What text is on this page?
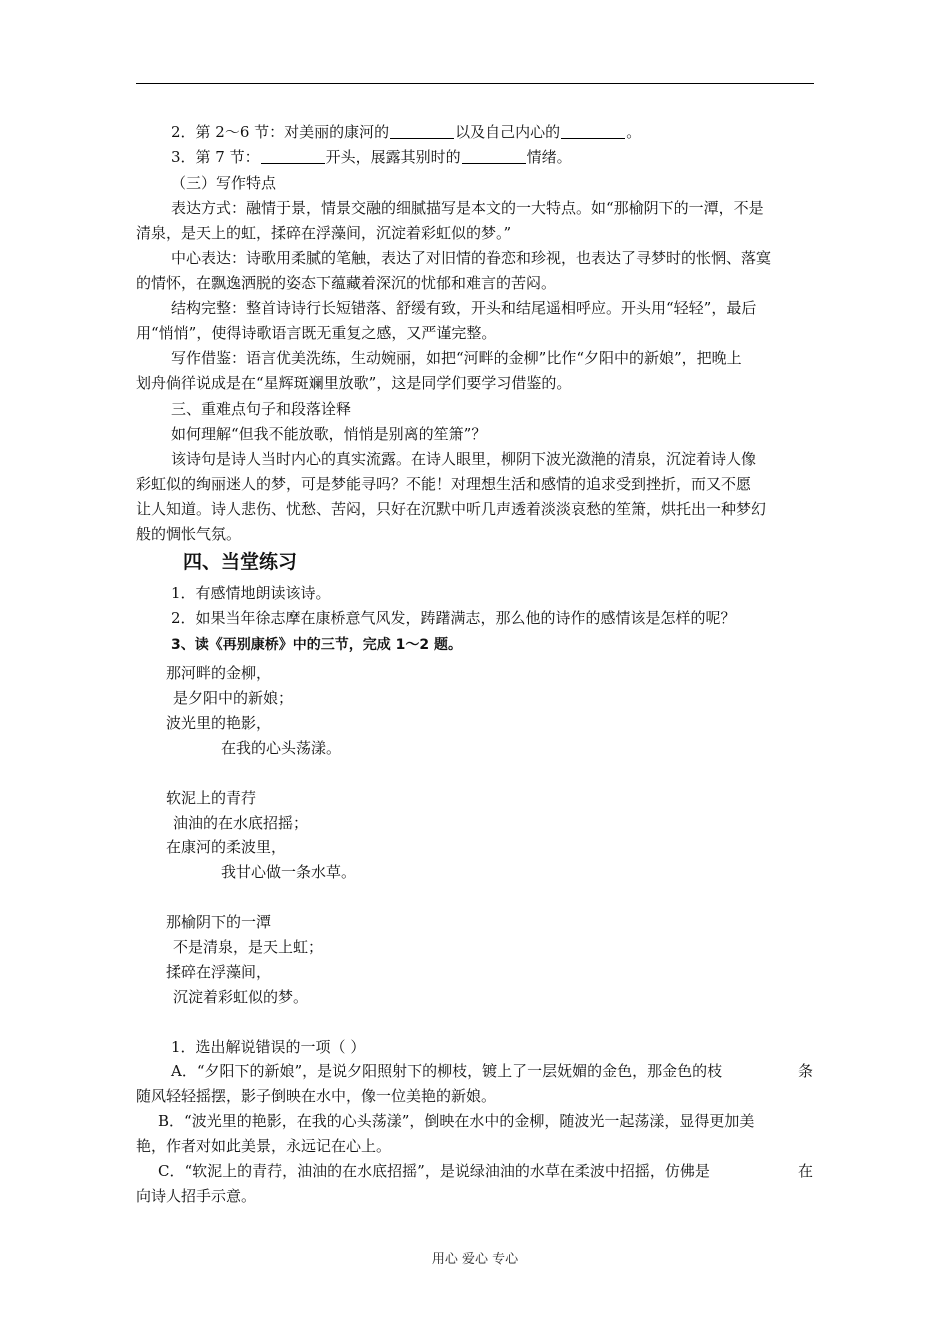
2．第 2～6 节：对美丽的康河的	以及自己内心的	。
3．第 7 节：	开头，展露其别时的	情绪。
（三）写作特点
表达方式：融情于景，情景交融的细腻描写是本文的一大特点。如“那榆阴下的一潭，不是
清泉，是天上的虹，揉碎在浮藻间，沉淀着彩虹似的梦。”
中心表达：诗歌用柔腻的笔触，表达了对旧情的眷恋和珍视，也表达了寻梦时的怅惘、落寞
的情怀，在飘逸洒脱的姿态下蕴藏着深沉的忧郁和难言的苦闷。
结构完整：整首诗诗行长短错落、舒缓有致，开头和结尾遥相呼应。开头用“轻轻”，最后
用“悄悄”，使得诗歌语言既无重复之感，又严谨完整。
写作借鉴：语言优美洗练，生动婉丽，如把“河畔的金柳”比作“夕阳中的新娘”，把晚上
划舟倘徉说成是在“星辉斑斓里放歌”，这是同学们要学习借鉴的。
三、重难点句子和段落诠释
如何理解“但我不能放歌，悄悄是别离的笙箫”？
该诗句是诗人当时内心的真实流露。在诗人眼里，柳阴下波光潋滟的清泉，沉淀着诗人像
彩虹似的绚丽迷人的梦，可是梦能寻吗？不能！对理想生活和感情的追求受到挫折，而又不愿
让人知道。诗人悲伤、忧愁、苦闷，只好在沉默中听几声透着淡淡哀愁的笙箫，烘托出一种梦幻
般的惆怅气氛。
四、当堂练习
1．有感情地朗读该诗。
2．如果当年徐志摩在康桥意气风发，踌躇满志，那么他的诗作的感情该是怎样的呢？
3、读《再别康桥》中的三节，完成 1～2 题。
那河畔的金柳，
是夕阳中的新娘；
波光里的艳影，
在我的心头荡漾。
软泥上的青荇
油油的在水底招摇；
在康河的柔波里，
我甘心做一条水草。
那榆阴下的一潭
不是清泉，是天上虹；
揉碎在浮藻间，
沉淀着彩虹似的梦。
1．选出解说错误的一项（ ）
A．“夕阳下的新娘”，是说夕阳照射下的柳枝，镀上了一层妩媚的金色，那金色的枝	条
随风轻轻摇摆，影子倒映在水中，像一位美艳的新娘。
B．“波光里的艳影，在我的心头荡漾”，倒映在水中的金柳，随波光一起荡漾，显得更加美
艳，作者对如此美景，永远记在心上。
C．“软泥上的青荇，油油的在水底招摇”，是说绿油油的水草在柔波中招摇，仿佛是	在
向诗人招手示意。
用心 爱心 专心
